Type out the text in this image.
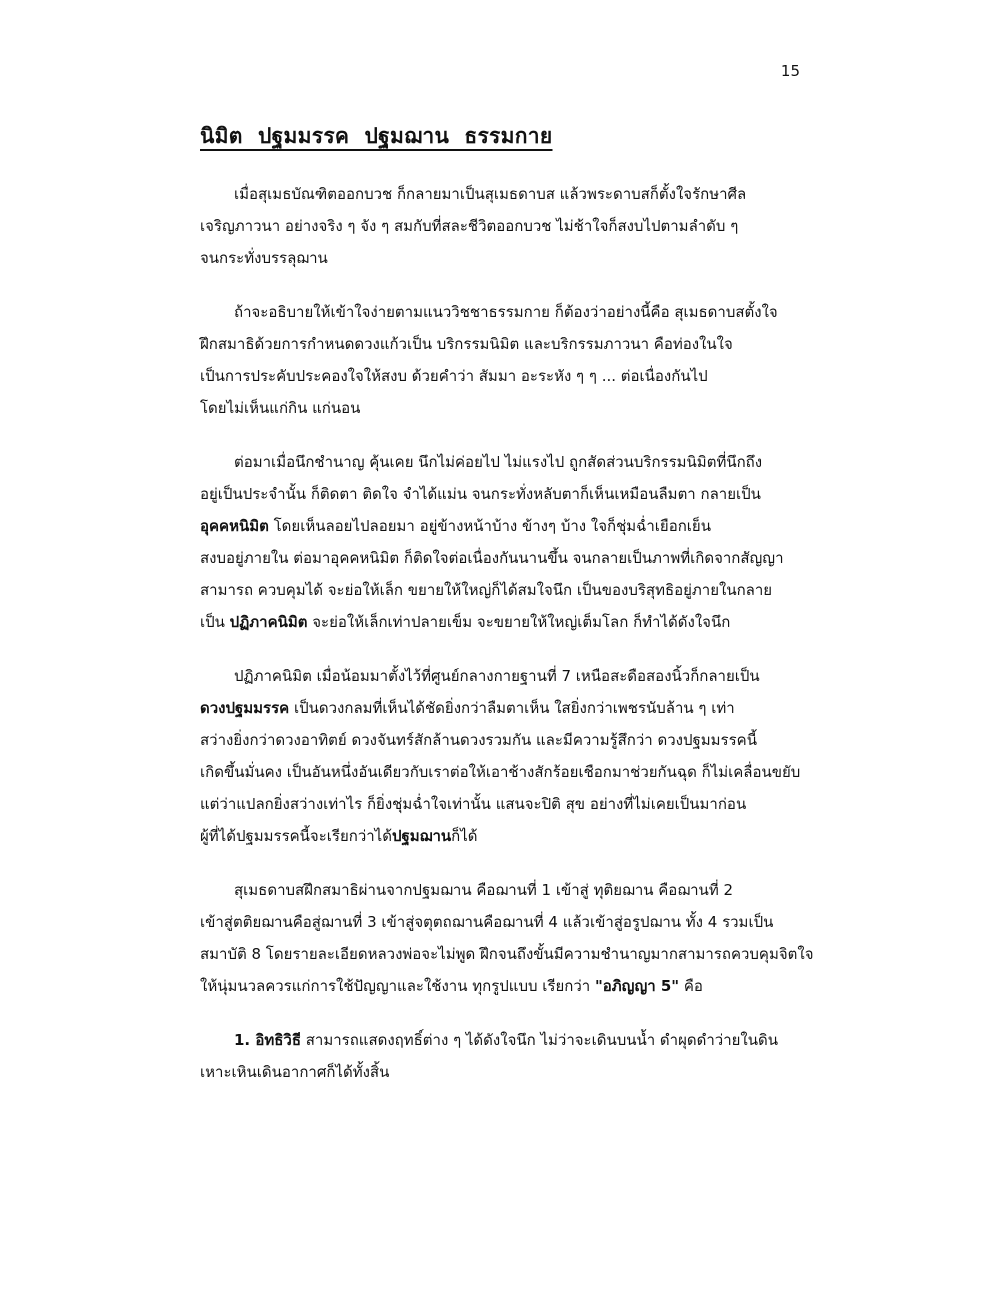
15
นิมิต  ปฐมมรรค  ปฐมฌาน  ธรรมกาย
เมื่อสุเมธบัณฑิตออกบวช ก็กลายมาเป็นสุเมธดาบส แล้วพระดาบสก็ตั้งใจรักษาศีล
เจริญภาวนา อย่างจริง ๆ จัง ๆ สมกับที่สละชีวิตออกบวช ไม่ช้าใจก็สงบไปตามลำดับ ๆ
จนกระทั่งบรรลุฌาน
ถ้าจะอธิบายให้เข้าใจง่ายตามแนววิชชาธรรมกาย ก็ต้องว่าอย่างนี้คือ สุเมธดาบสตั้งใจ
ฝึกสมาธิด้วยการกำหนดดวงแก้วเป็น บริกรรมนิมิต และบริกรรมภาวนา คือท่องในใจ
เป็นการประคับประคองใจให้สงบ ด้วยคำว่า สัมมา อะระหัง ๆ ๆ ... ต่อเนื่องกันไป
โดยไม่เห็นแก่กิน แก่นอน
ต่อมาเมื่อนึกชำนาญ คุ้นเคย นึกไม่ค่อยไป ไม่แรงไป ถูกสัดส่วนบริกรรมนิมิตที่นึกถึง
อยู่เป็นประจำนั้น ก็ติดตา ติดใจ จำได้แม่น จนกระทั่งหลับตาก็เห็นเหมือนลืมตา กลายเป็น
อุคคหนิมิต โดยเห็นลอยไปลอยมา อยู่ข้างหน้าบ้าง ข้างๆ บ้าง ใจก็ชุ่มฉ่ำเยือกเย็น
สงบอยู่ภายใน ต่อมาอุคคหนิมิต ก็ติดใจต่อเนื่องกันนานขึ้น จนกลายเป็นภาพที่เกิดจากสัญญา
สามารถ ควบคุมได้ จะย่อให้เล็ก ขยายให้ใหญ่ก็ได้สมใจนึก เป็นของบริสุทธิอยู่ภายในกลาย
เป็น ปฏิภาคนิมิต จะย่อให้เล็กเท่าปลายเข็ม จะขยายให้ใหญ่เต็มโลก ก็ทำได้ดังใจนึก
ปฏิภาคนิมิต เมื่อน้อมมาตั้งไว้ที่ศูนย์กลางกายฐานที่ 7 เหนือสะดือสองนิ้วก็กลายเป็น
ดวงปฐมมรรค เป็นดวงกลมที่เห็นได้ชัดยิ่งกว่าลืมตาเห็น ใสยิ่งกว่าเพชรนับล้าน ๆ เท่า
สว่างยิ่งกว่าดวงอาทิตย์ ดวงจันทร์สักล้านดวงรวมกัน และมีความรู้สึกว่า ดวงปฐมมรรคนี้
เกิดขึ้นมั่นคง เป็นอันหนึ่งอันเดียวกับเราต่อให้เอาช้างสักร้อยเชือกมาช่วยกันฉุด ก็ไม่เคลื่อนขยับ
แต่ว่าแปลกยิ่งสว่างเท่าไร ก็ยิ่งชุ่มฉ่ำใจเท่านั้น แสนจะปิติ สุข อย่างที่ไม่เคยเป็นมาก่อน
ผู้ที่ได้ปฐมมรรคนี้จะเรียกว่าได้ปฐมฌานก็ได้
สุเมธดาบสฝึกสมาธิผ่านจากปฐมฌาน คือฌานที่ 1 เข้าสู่ ทุติยฌาน คือฌานที่ 2
เข้าสู่ตติยฌานคือสู่ฌานที่ 3 เข้าสู่จตุตถฌานคือฌานที่ 4 แล้วเข้าสู่อรูปฌาน ทั้ง 4 รวมเป็น
สมาบัติ 8 โดยรายละเอียดหลวงพ่อจะไม่พูด ฝึกจนถึงขั้นมีความชำนาญมากสามารถควบคุมจิตใจ
ให้นุ่มนวลควรแก่การใช้ปัญญาและใช้งาน ทุกรูปแบบ เรียกว่า "อภิญญา 5" คือ
1. อิทธิวิธี สามารถแสดงฤทธิ์ต่าง ๆ ได้ดังใจนึก ไม่ว่าจะเดินบนน้ำ ดำผุดดำว่ายในดิน
เหาะเหินเดินอากาศก็ได้ทั้งสิ้น
